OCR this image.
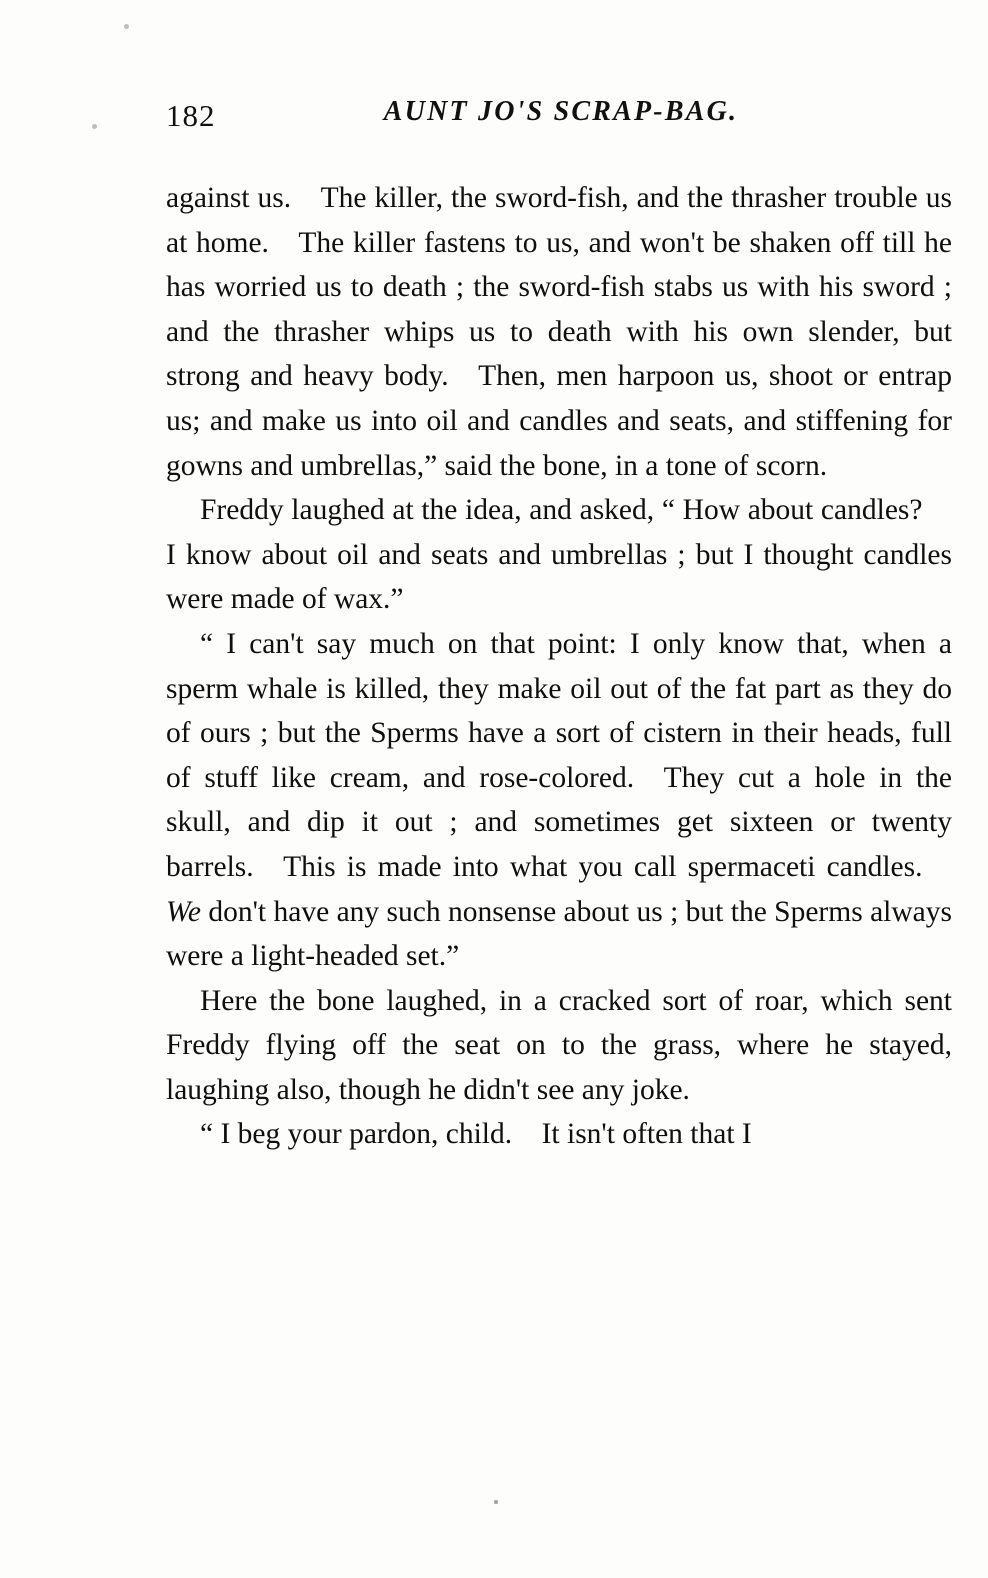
182	AUNT JO'S SCRAP-BAG.

against us. The killer, the sword-fish, and the thrasher trouble us at home. The killer fastens to us, and won't be shaken off till he has worried us to death ; the sword-fish stabs us with his sword ; and the thrasher whips us to death with his own slender, but strong and heavy body. Then, men harpoon us, shoot or entrap us; and make us into oil and candles and seats, and stiffening for gowns and umbrellas,” said the bone, in a tone of scorn.

Freddy laughed at the idea, and asked, “ How about candles? I know about oil and seats and umbrellas ; but I thought candles were made of wax.”

“ I can't say much on that point: I only know that, when a sperm whale is killed, they make oil out of the fat part as they do of ours ; but the Sperms have a sort of cistern in their heads, full of stuff like cream, and rose-colored. They cut a hole in the skull, and dip it out ; and sometimes get sixteen or twenty barrels. This is made into what you call spermaceti candles. We don't have any such nonsense about us ; but the Sperms always were a light-headed set.”

Here the bone laughed, in a cracked sort of roar, which sent Freddy flying off the seat on to the grass, where he stayed, laughing also, though he didn't see any joke.

“ I beg your pardon, child. It isn't often that I
